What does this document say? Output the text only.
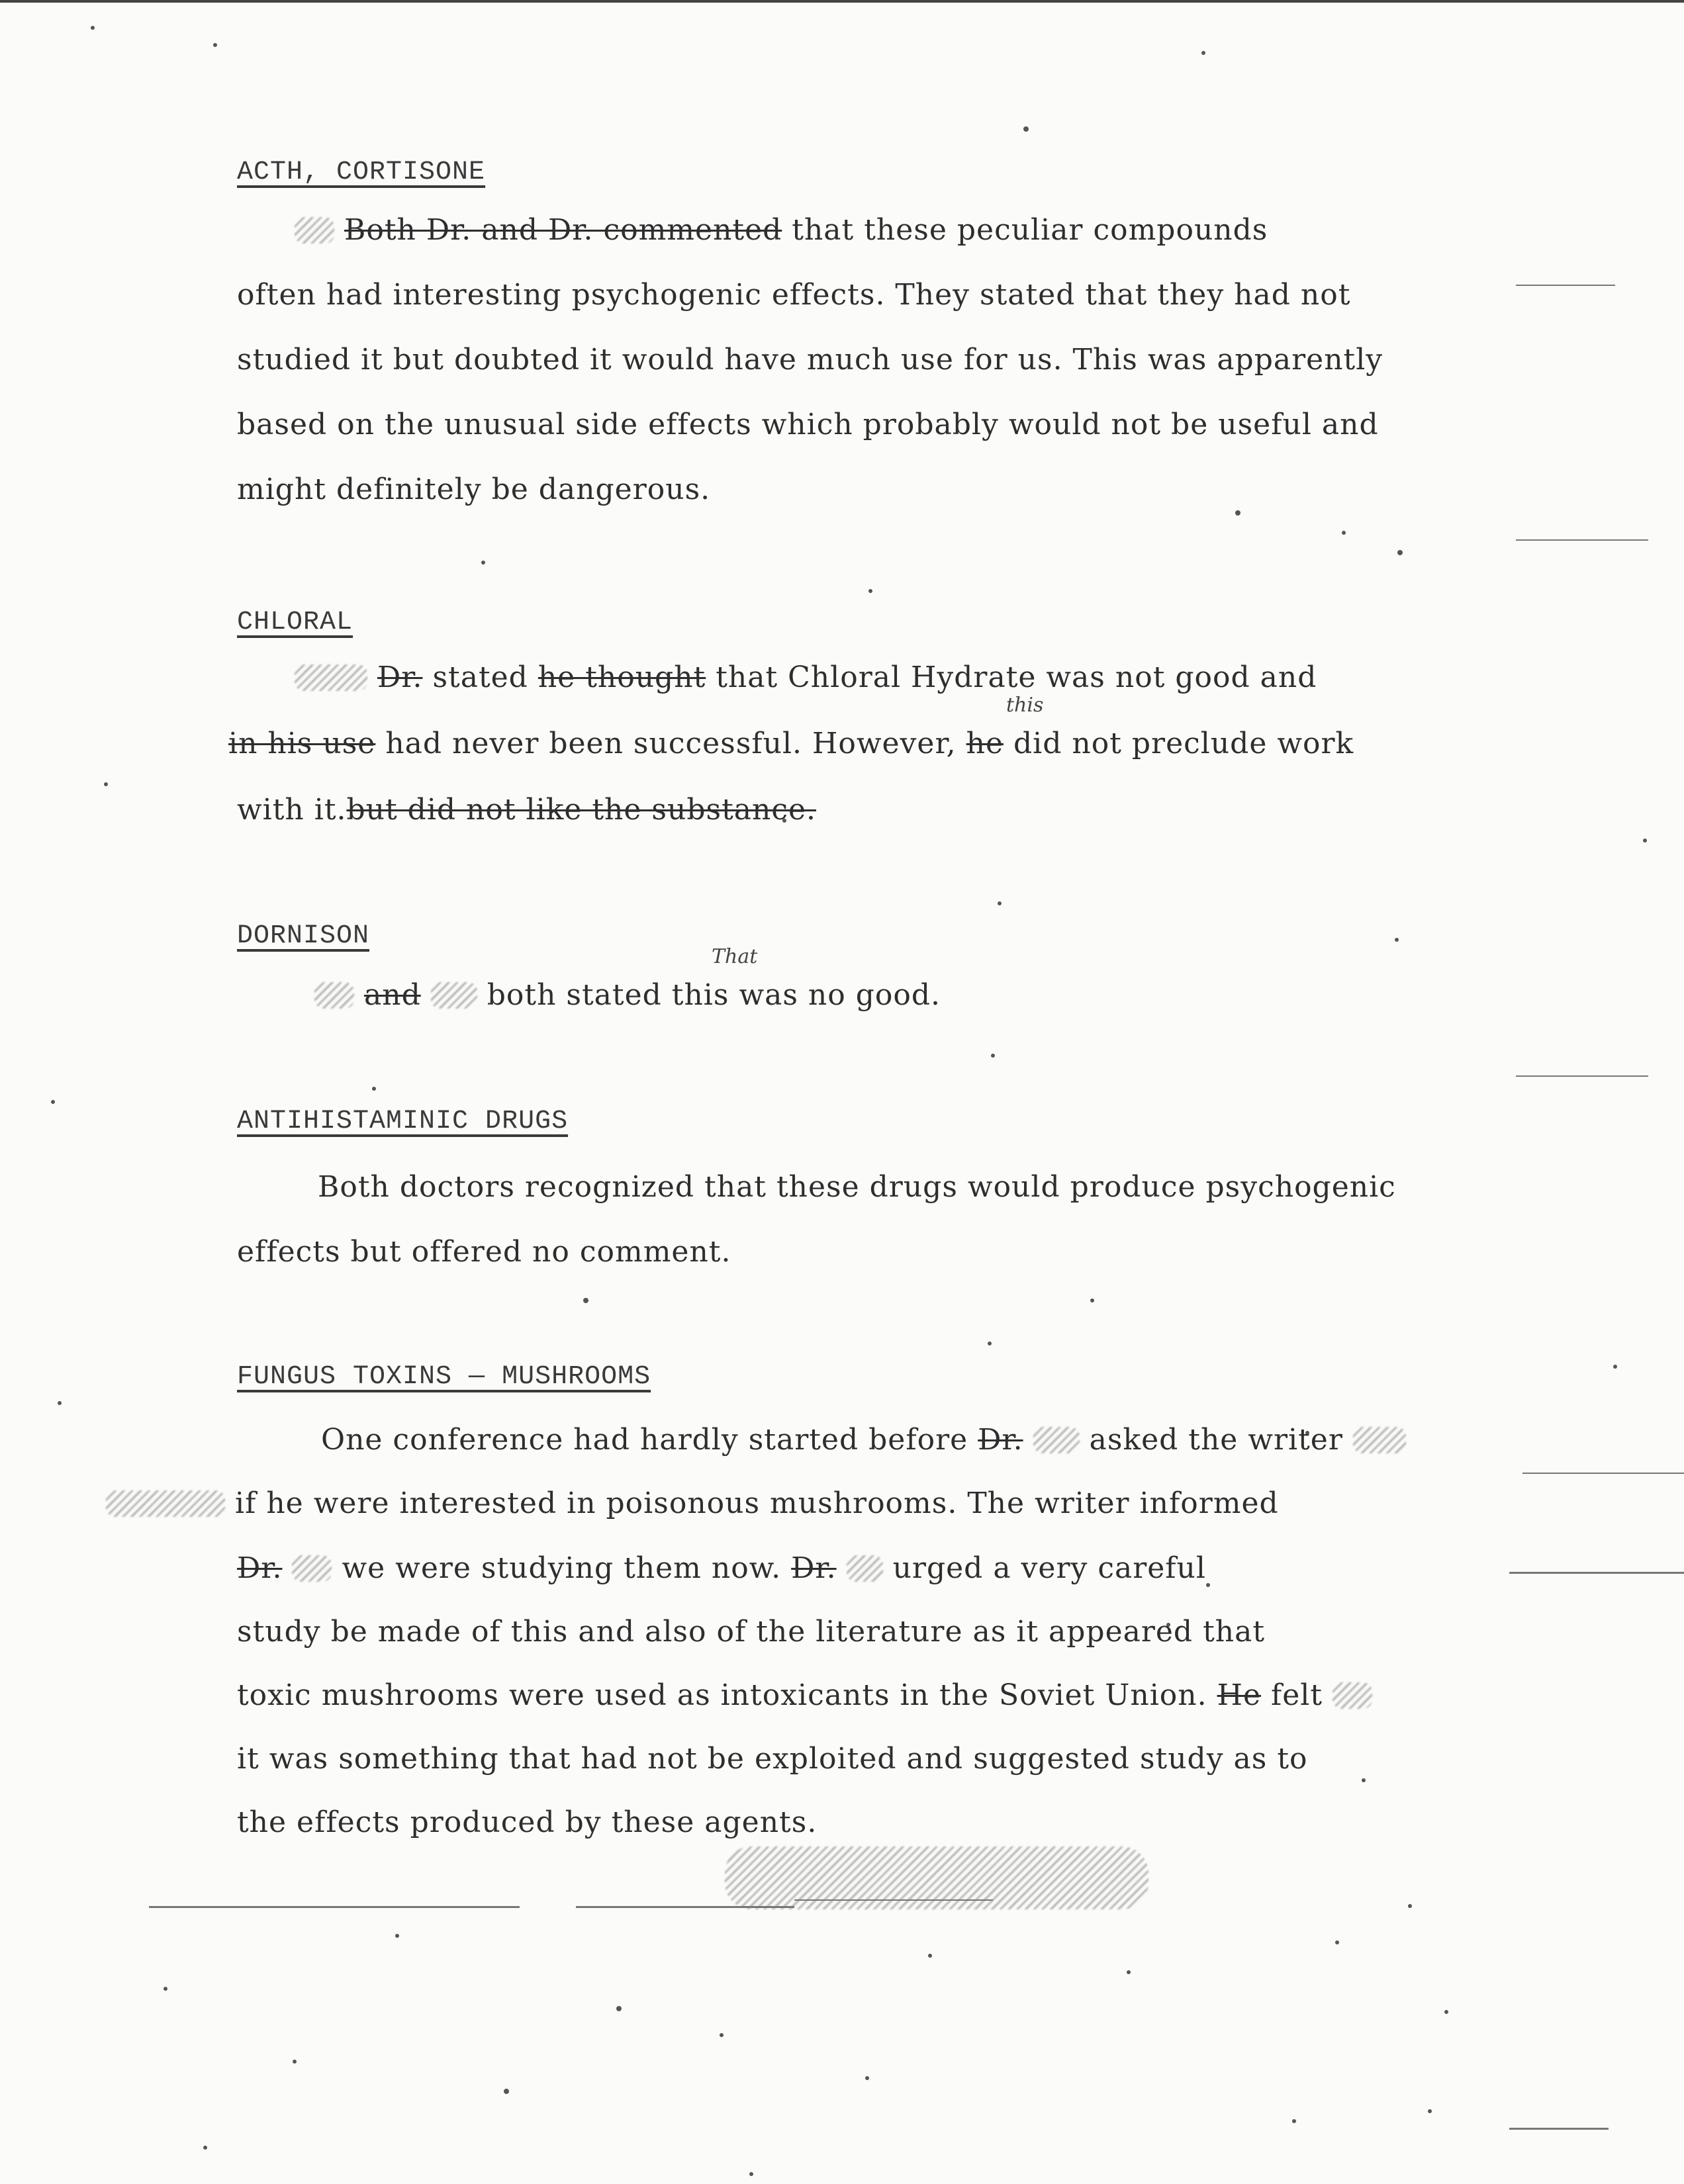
ACTH, CORTISONE
Both Dr. and Dr. commented that these peculiar compounds
often had interesting psychogenic effects. They stated that they had not
studied it but doubted it would have much use for us. This was apparently
based on the unusual side effects which probably would not be useful and
might definitely be dangerous.
CHLORAL
Dr. stated he thought that Chloral Hydrate was not good and
this
in his use had never been successful. However, he did not preclude work
with it.but did not like the substance.
DORNISON
and both stated this was no good.
That
ANTIHISTAMINIC DRUGS
Both doctors recognized that these drugs would produce psychogenic
effects but offered no comment.
FUNGUS TOXINS — MUSHROOMS
One conference had hardly started before Dr.  asked the writer
if he were interested in poisonous mushrooms. The writer informed
Dr.  we were studying them now. Dr.  urged a very careful
study be made of this and also of the literature as it appeared that
toxic mushrooms were used as intoxicants in the Soviet Union. He felt
it was something that had not be exploited and suggested study as to
the effects produced by these agents.
